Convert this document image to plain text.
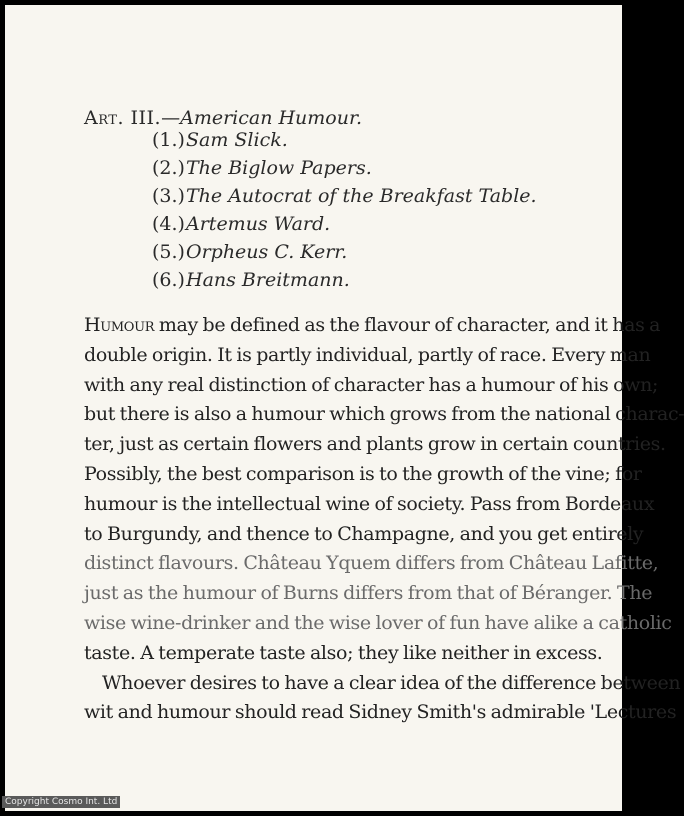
Art. III.—American Humour.
(1.)Sam Slick.
(2.)The Biglow Papers.
(3.)The Autocrat of the Breakfast Table.
(4.)Artemus Ward.
(5.)Orpheus C. Kerr.
(6.)Hans Breitmann.
Humour may be defined as the flavour of character, and it has a
double origin. It is partly individual, partly of race. Every man
with any real distinction of character has a humour of his own;
but there is also a humour which grows from the national charac-
ter, just as certain flowers and plants grow in certain countries.
Possibly, the best comparison is to the growth of the vine; for
humour is the intellectual wine of society. Pass from Bordeaux
to Burgundy, and thence to Champagne, and you get entirely
distinct flavours. Château Yquem differs from Château Lafitte,
just as the humour of Burns differs from that of Béranger. The
wise wine-drinker and the wise lover of fun have alike a catholic
taste. A temperate taste also; they like neither in excess.
Whoever desires to have a clear idea of the difference between
wit and humour should read Sidney Smith's admirable 'Lectures
Copyright Cosmo Int. Ltd
